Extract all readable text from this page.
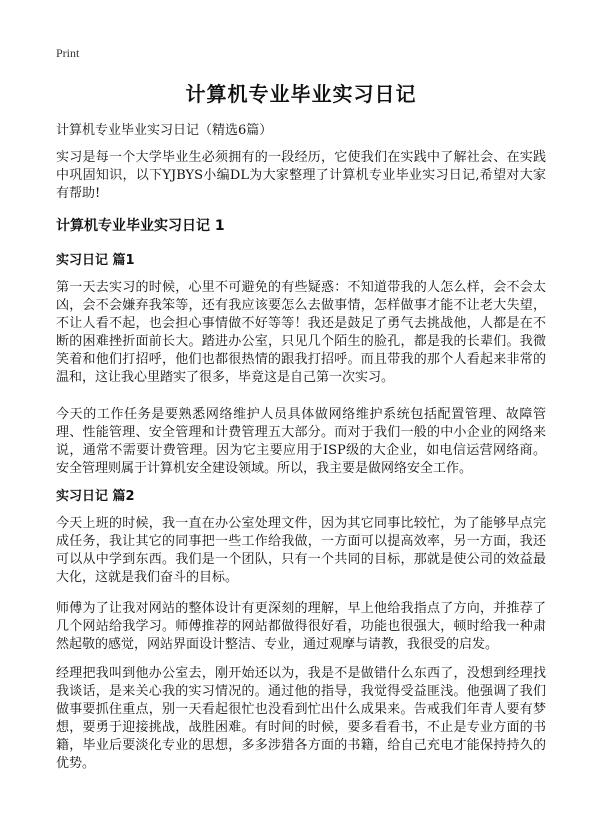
Print
计算机专业毕业实习日记
计算机专业毕业实习日记（精选6篇）

实习是每一个大学毕业生必须拥有的一段经历，它使我们在实践中了解社会、在实践中巩固知识，以下YJBYS小编DL为大家整理了计算机专业毕业实习日记,希望对大家有帮助!

计算机专业毕业实习日记 1
实习日记 篇1

第一天去实习的时候，心里不可避免的有些疑惑：不知道带我的人怎么样，会不会太凶，会不会嫌弃我笨等，还有我应该要怎么去做事情，怎样做事才能不让老大失望，不让人看不起，也会担心事情做不好等等！我还是鼓足了勇气去挑战他，人都是在不断的困难挫折面前长大。踏进办公室，只见几个陌生的脸孔，都是我的长辈们。我微笑着和他们打招呼，他们也都很热情的跟我打招呼。而且带我的那个人看起来非常的温和，这让我心里踏实了很多，毕竟这是自己第一次实习。

今天的工作任务是要熟悉网络维护人员具体做网络维护系统包括配置管理、故障管理、性能管理、安全管理和计费管理五大部分。而对于我们一般的中小企业的网络来说，通常不需要计费管理。因为它主要应用于ISP级的大企业，如电信运营网络商。安全管理则属于计算机安全建设领域。所以，我主要是做网络安全工作。

实习日记 篇2

今天上班的时候，我一直在办公室处理文件，因为其它同事比较忙，为了能够早点完成任务，我让其它的同事把一些工作给我做，一方面可以提高效率，另一方面，我还可以从中学到东西。我们是一个团队，只有一个共同的目标，那就是使公司的效益最大化，这就是我们奋斗的目标。

师傅为了让我对网站的整体设计有更深刻的理解，早上他给我指点了方向，并推荐了几个网站给我学习。师傅推荐的网站都做得很好看，功能也很强大，顿时给我一种肃然起敬的感觉，网站界面设计整洁、专业，通过观摩与请教，我很受的启发。

经理把我叫到他办公室去，刚开始还以为，我是不是做错什么东西了，没想到经理找我谈话，是来关心我的实习情况的。通过他的指导，我觉得受益匪浅。他强调了我们做事要抓住重点，别一天看起很忙也没看到忙出什么成果来。告戒我们年青人要有梦想，要勇于迎接挑战，战胜困难。有时间的时候，要多看看书，不止是专业方面的书籍，毕业后要淡化专业的思想，多多涉猎各方面的书籍，给自己充电才能保持持久的优势。
